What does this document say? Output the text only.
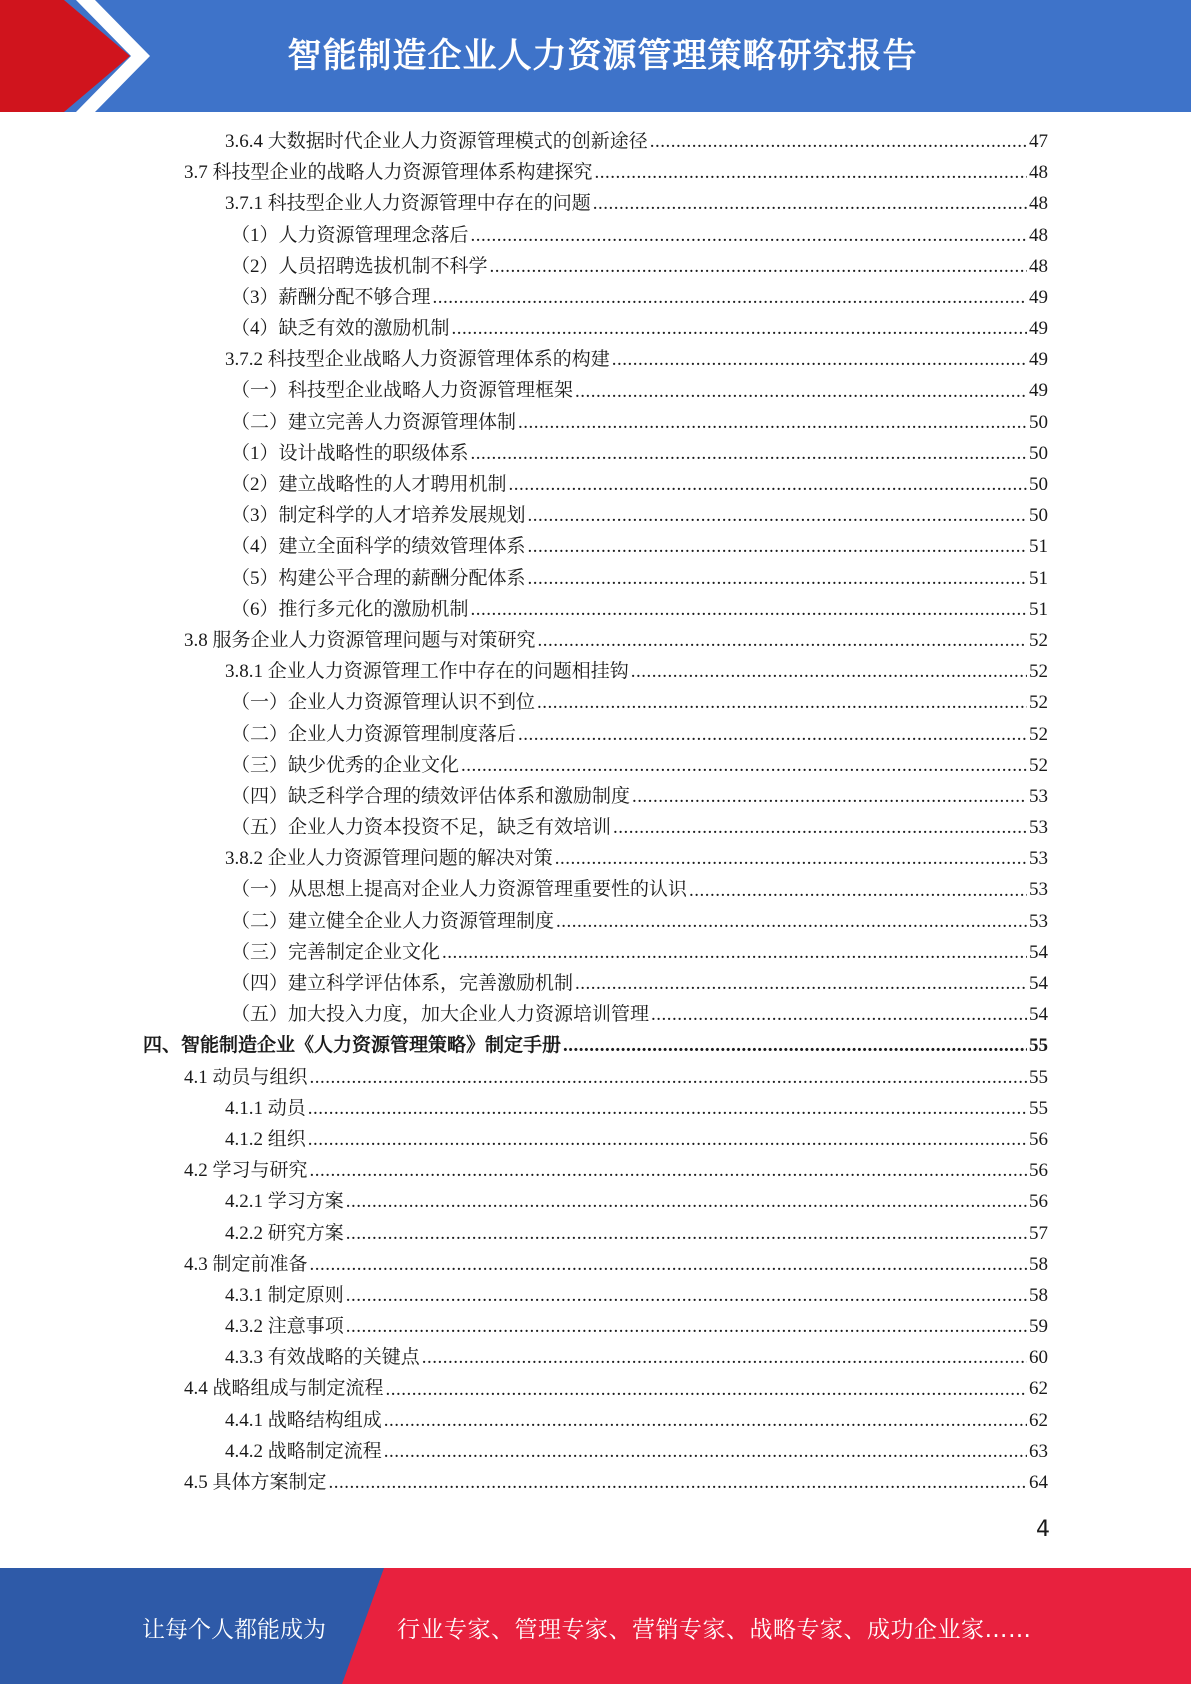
智能制造企业人力资源管理策略研究报告
3.6.4 大数据时代企业人力资源管理模式的创新途径 .....	47
3.7 科技型企业的战略人力资源管理体系构建探究 .....	48
3.7.1 科技型企业人力资源管理中存在的问题 .....	48
（1）人力资源管理理念落后 .....	48
（2）人员招聘选拔机制不科学 .....	48
（3）薪酬分配不够合理 .....	49
（4）缺乏有效的激励机制 .....	49
3.7.2 科技型企业战略人力资源管理体系的构建 .....	49
（一）科技型企业战略人力资源管理框架 .....	49
（二）建立完善人力资源管理体制 .....	50
（1）设计战略性的职级体系 .....	50
（2）建立战略性的人才聘用机制 .....	50
（3）制定科学的人才培养发展规划 .....	50
（4）建立全面科学的绩效管理体系 .....	51
（5）构建公平合理的薪酬分配体系 .....	51
（6）推行多元化的激励机制 .....	51
3.8 服务企业人力资源管理问题与对策研究 .....	52
3.8.1 企业人力资源管理工作中存在的问题相挂钩 .....	52
（一）企业人力资源管理认识不到位 .....	52
（二）企业人力资源管理制度落后 .....	52
（三）缺少优秀的企业文化 .....	52
（四）缺乏科学合理的绩效评估体系和激励制度 .....	53
（五）企业人力资本投资不足，缺乏有效培训 .....	53
3.8.2 企业人力资源管理问题的解决对策 .....	53
（一）从思想上提高对企业人力资源管理重要性的认识 .....	53
（二）建立健全企业人力资源管理制度 .....	53
（三）完善制定企业文化 .....	54
（四）建立科学评估体系，完善激励机制 .....	54
（五）加大投入力度，加大企业人力资源培训管理 .....	54
四、智能制造企业《人力资源管理策略》制定手册 .....	55
4.1 动员与组织 .....	55
4.1.1 动员 .....	55
4.1.2 组织 .....	56
4.2 学习与研究 .....	56
4.2.1 学习方案 .....	56
4.2.2 研究方案 .....	57
4.3 制定前准备 .....	58
4.3.1 制定原则 .....	58
4.3.2 注意事项 .....	59
4.3.3 有效战略的关键点 .....	60
4.4 战略组成与制定流程 .....	62
4.4.1 战略结构组成 .....	62
4.4.2 战略制定流程 .....	63
4.5 具体方案制定 .....	64
4
让每个人都能成为	行业专家、管理专家、营销专家、战略专家、成功企业家……
